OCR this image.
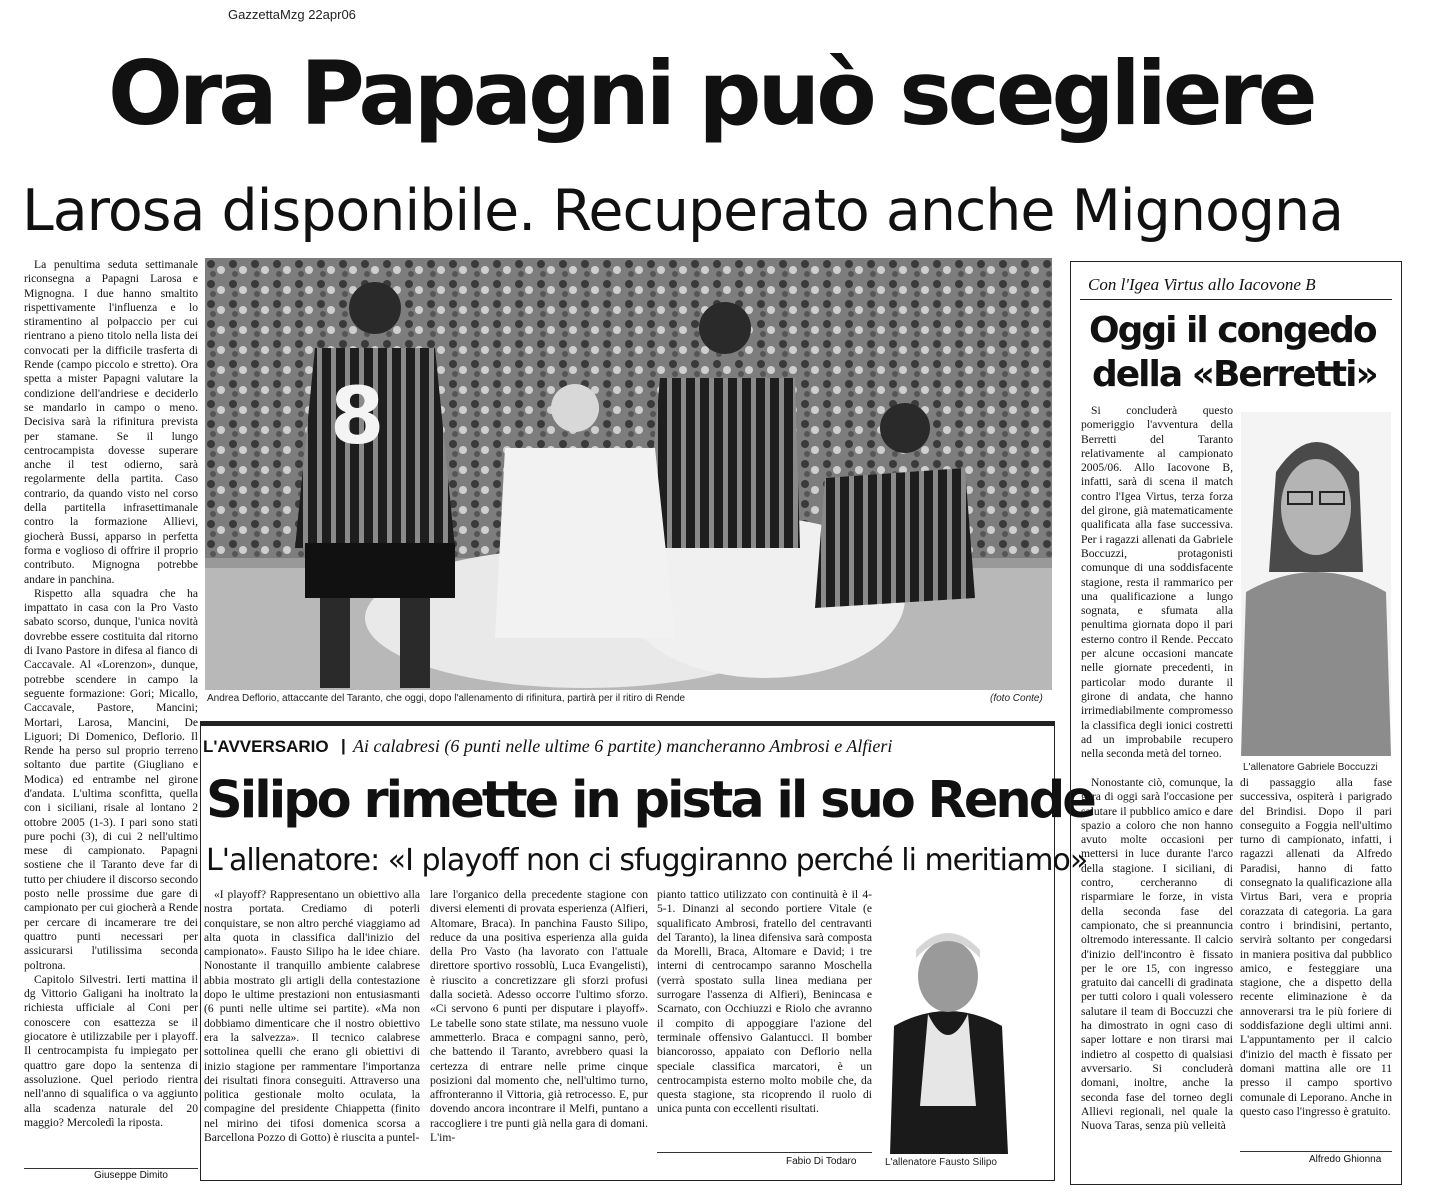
GazzettaMzg 22apr06
Ora Papagni può scegliere
Larosa disponibile. Recuperato anche Mignogna

La penultima seduta settimanale riconsegna a Papagni Larosa e Mignogna. I due hanno smaltito rispettivamente l'influenza e lo stiramentino al polpaccio per cui rientrano a pieno titolo nella lista dei convocati per la difficile trasferta di Rende (campo piccolo e stretto). Ora spetta a mister Papagni valutare la condizione dell'andriese e deciderlo se mandarlo in campo o meno. Decisiva sarà la rifinitura prevista per stamane. Se il lungo centrocampista dovesse superare anche il test odierno, sarà regolarmente della partita. Caso contrario, da quando visto nel corso della partitella infrasettimanale contro la formazione Allievi, giocherà Bussi, apparso in perfetta forma e voglioso di offrire il proprio contributo. Mignogna potrebbe andare in panchina.

Rispetto alla squadra che ha impattato in casa con la Pro Vasto sabato scorso, dunque, l'unica novità dovrebbe essere costituita dal ritorno di Ivano Pastore in difesa al fianco di Caccavale. Al «Lorenzon», dunque, potrebbe scendere in campo la seguente formazione: Gori; Micallo, Caccavale, Pastore, Mancini; Mortari, Larosa, Mancini, De Liguori; Di Domenico, Deflorio. Il Rende ha perso sul proprio terreno soltanto due partite (Giugliano e Modica) ed entrambe nel girone d'andata. L'ultima sconfitta, quella con i siciliani, risale al lontano 2 ottobre 2005 (1-3). I pari sono stati pure pochi (3), di cui 2 nell'ultimo mese di campionato. Papagni sostiene che il Taranto deve far di tutto per chiudere il discorso secondo posto nelle prossime due gare di campionato per cui giocherà a Rende per cercare di incamerare tre dei quattro punti necessari per assicurarsi l'utilissima seconda poltrona.

Capitolo Silvestri. Ierti mattina il dg Vittorio Galigani ha inoltrato la richiesta ufficiale al Coni per conoscere con esattezza se il giocatore è utilizzabile per i playoff. Il centrocampista fu impiegato per quattro gare dopo la sentenza di assoluzione. Quel periodo rientra nell'anno di squalifica o va aggiunto alla scadenza naturale del 20 maggio? Mercoledì la riposta.

Giuseppe Dimito
8
Andrea Deflorio, attaccante del Taranto, che oggi, dopo l'allenamento di rifinitura, partirà per il ritiro di Rende	(foto Conte)
L'AVVERSARIO | Ai calabresi (6 punti nelle ultime 6 partite) mancheranno Ambrosi e Alfieri
Silipo rimette in pista il suo Rende
L'allenatore: «I playoff non ci sfuggiranno perché li meritiamo»

«I playoff? Rappresentano un obiettivo alla nostra portata. Crediamo di poterli conquistare, se non altro perché viaggiamo ad alta quota in classifica dall'inizio del campionato». Fausto Silipo ha le idee chiare. Nonostante il tranquillo ambiente calabrese abbia mostrato gli artigli della contestazione dopo le ultime prestazioni non entusiasmanti (6 punti nelle ultime sei partite). «Ma non dobbiamo dimenticare che il nostro obiettivo era la salvezza». Il tecnico calabrese sottolinea quelli che erano gli obiettivi di inizio stagione per rammentare l'importanza dei risultati finora conseguiti. Attraverso una politica gestionale molto oculata, la compagine del presidente Chiappetta (finito nel mirino dei tifosi domenica scorsa a Barcellona Pozzo di Gotto) è riuscita a puntel-

lare l'organico della precedente stagione con diversi elementi di provata esperienza (Alfieri, Altomare, Braca). In panchina Fausto Silipo, reduce da una positiva esperienza alla guida della Pro Vasto (ha lavorato con l'attuale direttore sportivo rossoblù, Luca Evangelisti), è riuscito a concretizzare gli sforzi profusi dalla società. Adesso occorre l'ultimo sforzo. «Ci servono 6 punti per disputare i playoff». Le tabelle sono state stilate, ma nessuno vuole ammetterlo. Braca e compagni sanno, però, che battendo il Taranto, avrebbero quasi la certezza di entrare nelle prime cinque posizioni dal momento che, nell'ultimo turno, affronteranno il Vittoria, già retrocesso. E, pur dovendo ancora incontrare il Melfi, puntano a raccogliere i tre punti già nella gara di domani. L'im-

pianto tattico utilizzato con continuità è il 4-5-1. Dinanzi al secondo portiere Vitale (e squalificato Ambrosi, fratello del centravanti del Taranto), la linea difensiva sarà composta da Morelli, Braca, Altomare e David; i tre interni di centrocampo saranno Moschella (verrà spostato sulla linea mediana per surrogare l'assenza di Alfieri), Benincasa e Scarnato, con Occhiuzzi e Riolo che avranno il compito di appoggiare l'azione del terminale offensivo Galantucci. Il bomber biancorosso, appaiato con Deflorio nella speciale classifica marcatori, è un centrocampista esterno molto mobile che, da questa stagione, sta ricoprendo il ruolo di unica punta con eccellenti risultati.

Fabio Di Todaro	L'allenatore Fausto Silipo
Con l'Igea Virtus allo Iacovone B
Oggi il congedo
della «Berretti»

Si concluderà questo pomeriggio l'avventura della Berretti del Taranto relativamente al campionato 2005/06. Allo Iacovone B, infatti, sarà di scena il match contro l'Igea Virtus, terza forza del girone, già matematicamente qualificata alla fase successiva. Per i ragazzi allenati da Gabriele Boccuzzi, protagonisti comunque di una soddisfacente stagione, resta il rammarico per una qualificazione a lungo sognata, e sfumata alla penultima giornata dopo il pari esterno contro il Rende. Peccato per alcune occasioni mancate nelle giornate precedenti, in particolar modo durante il girone di andata, che hanno irrimediabilmente compromesso la classifica degli ionici costretti ad un improbabile recupero nella seconda metà del torneo.

Nonostante ciò, comunque, la gara di oggi sarà l'occasione per salutare il pubblico amico e dare spazio a coloro che non hanno avuto molte occasioni per mettersi in luce durante l'arco della stagione. I siciliani, di contro, cercheranno di risparmiare le forze, in vista della seconda fase del campionato, che si preannuncia oltremodo interessante. Il calcio d'inizio dell'incontro è fissato per le ore 15, con ingresso gratuito dai cancelli di gradinata per tutti coloro i quali volessero salutare il team di Boccuzzi che ha dimostrato in ogni caso di saper lottare e non tirarsi mai indietro al cospetto di qualsiasi avversario. Si concluderà domani, inoltre, anche la seconda fase del torneo degli Allievi regionali, nel quale la Nuova Taras, senza più velleità

di passaggio alla fase successiva, ospiterà i parigrado del Brindisi. Dopo il pari conseguito a Foggia nell'ultimo turno di campionato, infatti, i ragazzi allenati da Alfredo Paradisi, hanno di fatto consegnato la qualificazione alla Virtus Bari, vera e propria corazzata di categoria. La gara contro i brindisini, pertanto, servirà soltanto per congedarsi in maniera positiva dal pubblico amico, e festeggiare una stagione, che a dispetto della recente eliminazione è da annoverarsi tra le più foriere di soddisfazione degli ultimi anni. L'appuntamento per il calcio d'inizio del macth è fissato per domani mattina alle ore 11 presso il campo sportivo comunale di Leporano. Anche in questo caso l'ingresso è gratuito.

L'allenatore Gabriele Boccuzzi
Alfredo Ghionna
